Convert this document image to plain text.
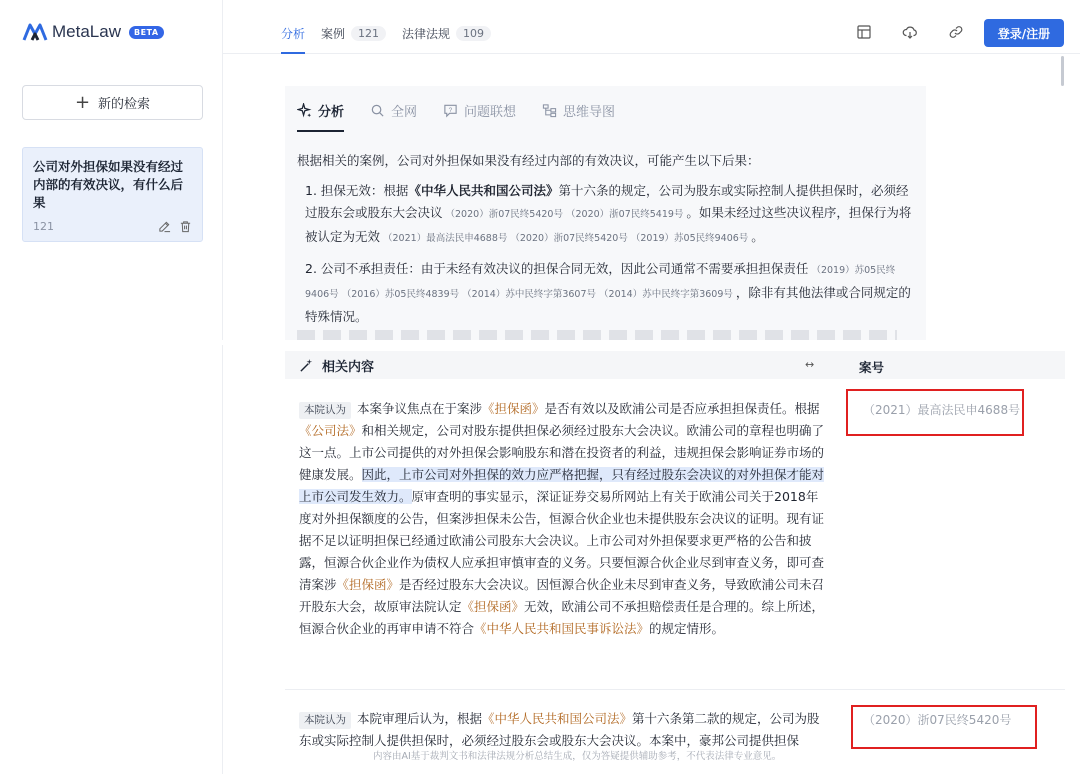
MetaLaw	BETA
+ 新的检索
公司对外担保如果没有经过内部的有效决议，有什么后果
121
分析 案例	121	法律法规	109	登录/注册
分析	全网	? 问题联想	思维导图

根据相关的案例，公司对外担保如果没有经过内部的有效决议，可能产生以下后果：

1. 担保无效：根据《中华人民共和国公司法》第十六条的规定，公司为股东或实际控制人提供担保时，必须经过股东会或股东大会决议 （2020）浙07民终5420号 （2020）浙07民终5419号 。如果未经过这些决议程序，担保行为将被认定为无效 （2021）最高法民申4688号 （2020）浙07民终5420号 （2019）苏05民终9406号 。
2. 公司不承担责任：由于未经有效决议的担保合同无效，因此公司通常不需要承担担保责任 （2019）苏05民终9406号 （2016）苏05民终4839号 （2014）苏中民终字第3607号 （2014）苏中民终字第3609号 ，除非有其他法律或合同规定的特殊情况。
相关内容	↔	案号
本院认为 本案争议焦点在于案涉《担保函》是否有效以及欧浦公司是否应承担担保责任。根据《公司法》和相关规定，公司对股东提供担保必须经过股东大会决议。欧浦公司的章程也明确了这一点。上市公司提供的对外担保会影响股东和潜在投资者的利益，违规担保会影响证券市场的健康发展。因此，上市公司对外担保的效力应严格把握，只有经过股东会决议的对外担保才能对上市公司发生效力。原审查明的事实显示，深证证券交易所网站上有关于欧浦公司关于2018年度对外担保额度的公告，但案涉担保未公告，恒源合伙企业也未提供股东会决议的证明。现有证据不足以证明担保已经通过欧浦公司股东大会决议。上市公司对外担保要求更严格的公告和披露，恒源合伙企业作为债权人应承担审慎审查的义务。只要恒源合伙企业尽到审查义务，即可查清案涉《担保函》是否经过股东大会决议。因恒源合伙企业未尽到审查义务，导致欧浦公司未召开股东大会，故原审法院认定《担保函》无效，欧浦公司不承担赔偿责任是合理的。综上所述，恒源合伙企业的再审申请不符合《中华人民共和国民事诉讼法》的规定情形。
（2021）最高法民申4688号
本院认为 本院审理后认为，根据《中华人民共和国公司法》第十六条第二款的规定，公司为股东或实际控制人提供担保时，必须经过股东会或股东大会决议。本案中，豪邦公司提供担保
（2020）浙07民终5420号
内容由AI基于裁判文书和法律法规分析总结生成，仅为答疑提供辅助参考，不代表法律专业意见。
